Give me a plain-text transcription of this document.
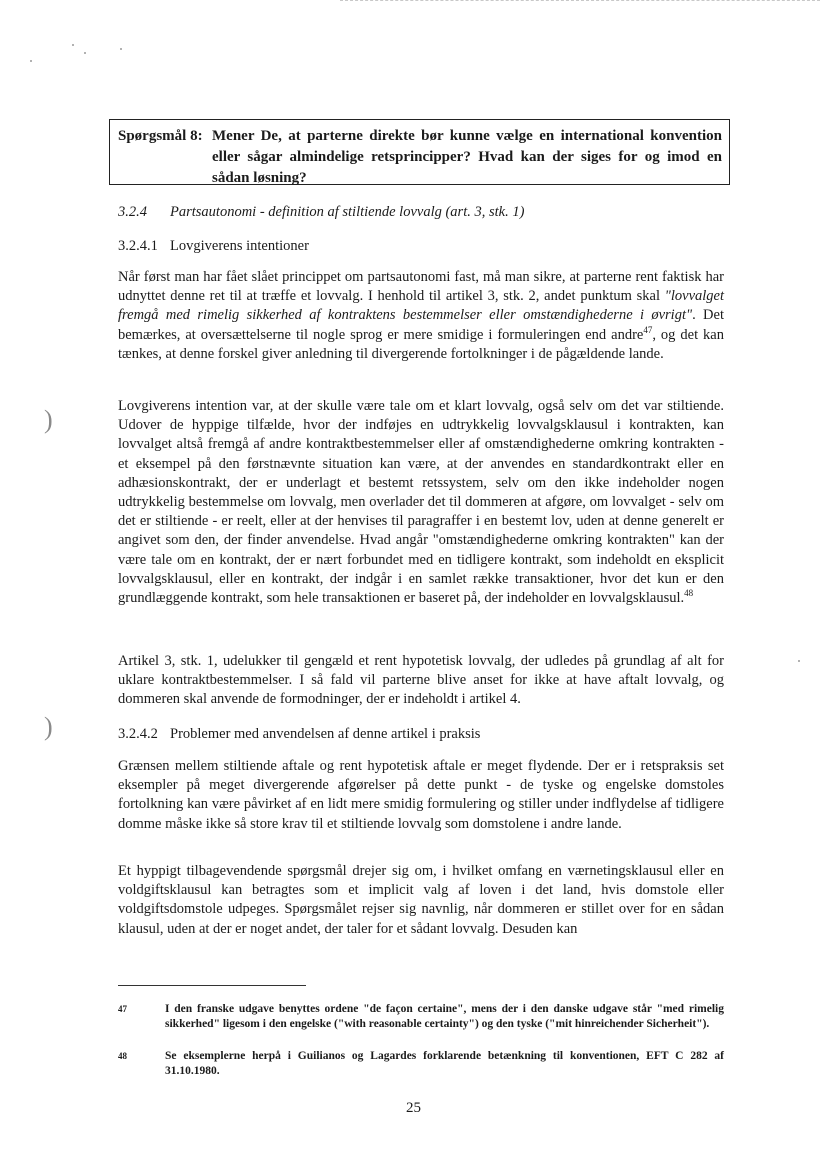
)
)
Spørgsmål 8: Mener De, at parterne direkte bør kunne vælge en international konvention eller sågar almindelige retsprincipper? Hvad kan der siges for og imod en sådan løsning?
3.2.4 Partsautonomi - definition af stiltiende lovvalg (art. 3, stk. 1)
3.2.4.1 Lovgiverens intentioner
Når først man har fået slået princippet om partsautonomi fast, må man sikre, at parterne rent faktisk har udnyttet denne ret til at træffe et lovvalg. I henhold til artikel 3, stk. 2, andet punktum skal "lovvalget fremgå med rimelig sikkerhed af kontraktens bestemmelser eller omstændighederne i øvrigt". Det bemærkes, at oversættelserne til nogle sprog er mere smidige i formuleringen end andre$^{47}$, og det kan tænkes, at denne forskel giver anledning til divergerende fortolkninger i de pågældende lande.
Lovgiverens intention var, at der skulle være tale om et klart lovvalg, også selv om det var stiltiende. Udover de hyppige tilfælde, hvor der indføjes en udtrykkelig lovvalgsklausul i kontrakten, kan lovvalget altså fremgå af andre kontraktbestemmelser eller af omstændighederne omkring kontrakten - et eksempel på den førstnævnte situation kan være, at der anvendes en standardkontrakt eller en adhæsionskontrakt, der er underlagt et bestemt retssystem, selv om den ikke indeholder nogen udtrykkelig bestemmelse om lovvalg, men overlader det til dommeren at afgøre, om lovvalget - selv om det er stiltiende - er reelt, eller at der henvises til paragraffer i en bestemt lov, uden at denne generelt er angivet som den, der finder anvendelse. Hvad angår "omstændighederne omkring kontrakten" kan der være tale om en kontrakt, der er nært forbundet med en tidligere kontrakt, som indeholdt en eksplicit lovvalgsklausul, eller en kontrakt, der indgår i en samlet række transaktioner, hvor det kun er den grundlæggende kontrakt, som hele transaktionen er baseret på, der indeholder en lovvalgsklausul.$^{48}$
Artikel 3, stk. 1, udelukker til gengæld et rent hypotetisk lovvalg, der udledes på grundlag af alt for uklare kontraktbestemmelser. I så fald vil parterne blive anset for ikke at have aftalt lovvalg, og dommeren skal anvende de formodninger, der er indeholdt i artikel 4.
3.2.4.2 Problemer med anvendelsen af denne artikel i praksis
Grænsen mellem stiltiende aftale og rent hypotetisk aftale er meget flydende. Der er i retspraksis set eksempler på meget divergerende afgørelser på dette punkt - de tyske og engelske domstoles fortolkning kan være påvirket af en lidt mere smidig formulering og stiller under indflydelse af tidligere domme måske ikke så store krav til et stiltiende lovvalg som domstolene i andre lande.
Et hyppigt tilbagevendende spørgsmål drejer sig om, i hvilket omfang en værnetingsklausul eller en voldgiftsklausul kan betragtes som et implicit valg af loven i det land, hvis domstole eller voldgiftsdomstole udpeges. Spørgsmålet rejser sig navnlig, når dommeren er stillet over for en sådan klausul, uden at der er noget andet, der taler for et sådant lovvalg. Desuden kan
47	I den franske udgave benyttes ordene "de façon certaine", mens der i den danske udgave står "med rimelig sikkerhed" ligesom i den engelske ("with reasonable certainty") og den tyske ("mit hinreichender Sicherheit").
48	Se eksemplerne herpå i Guilianos og Lagardes forklarende betænkning til konventionen, EFT C 282 af 31.10.1980.
25
